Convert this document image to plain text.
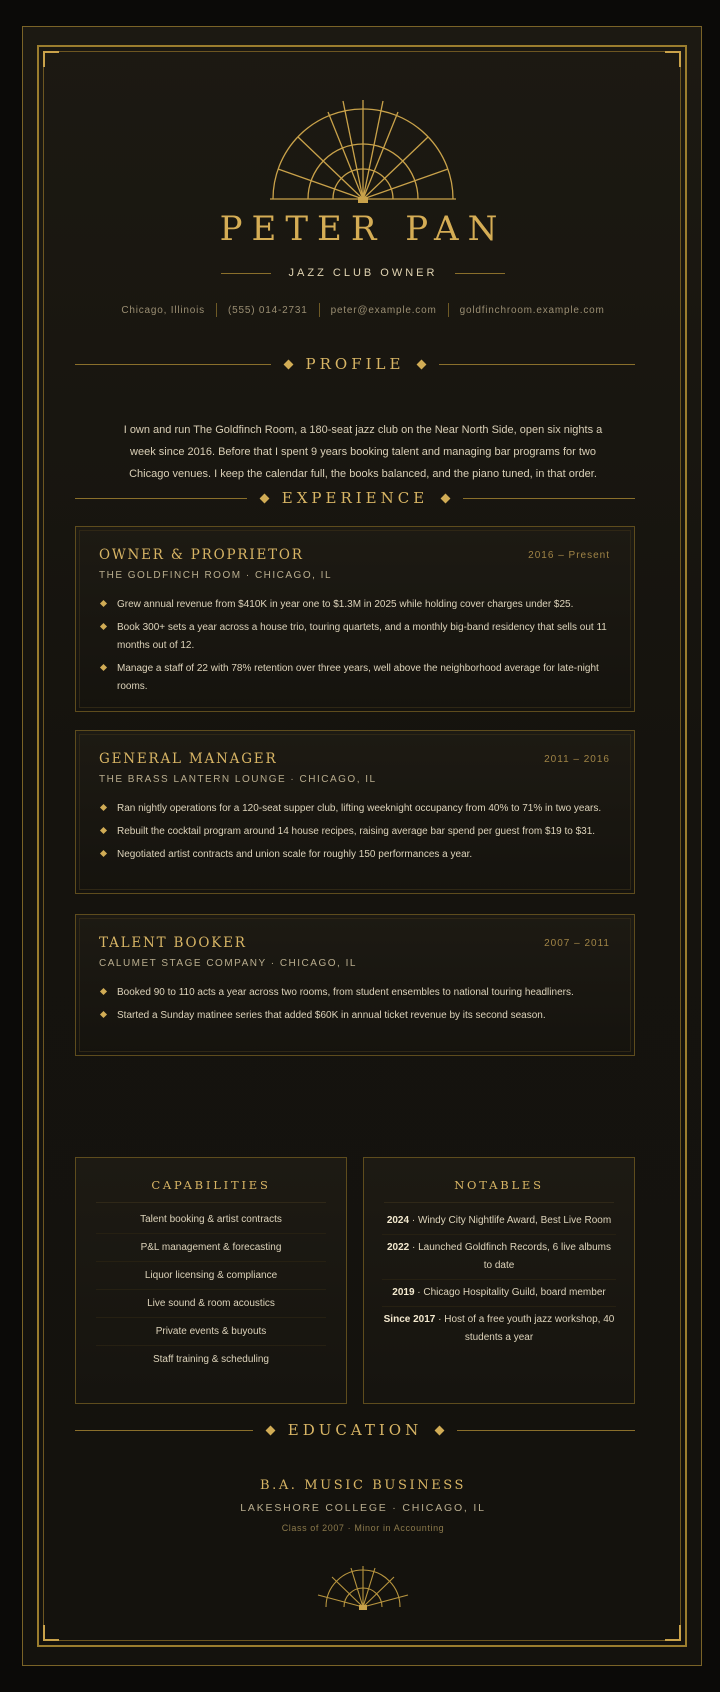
PETER PAN
JAZZ CLUB OWNER
Chicago, Illinois (555) 014-2731 peter@example.com goldfinchroom.example.com
PROFILE

I own and run The Goldfinch Room, a 180-seat jazz club on the Near North Side, open six nights a week since 2016. Before that I spent 9 years booking talent and managing bar programs for two Chicago venues. I keep the calendar full, the books balanced, and the piano tuned, in that order.

EXPERIENCE
OWNER & PROPRIETOR	2016 – Present
THE GOLDFINCH ROOM · CHICAGO, IL
Grew annual revenue from $410K in year one to $1.3M in 2025 while holding cover charges under $25.
Book 300+ sets a year across a house trio, touring quartets, and a monthly big-band residency that sells out 11 months out of 12.
Manage a staff of 22 with 78% retention over three years, well above the neighborhood average for late-night rooms.
GENERAL MANAGER	2011 – 2016
THE BRASS LANTERN LOUNGE · CHICAGO, IL
Ran nightly operations for a 120-seat supper club, lifting weeknight occupancy from 40% to 71% in two years.
Rebuilt the cocktail program around 14 house recipes, raising average bar spend per guest from $19 to $31.
Negotiated artist contracts and union scale for roughly 150 performances a year.
TALENT BOOKER	2007 – 2011
CALUMET STAGE COMPANY · CHICAGO, IL
Booked 90 to 110 acts a year across two rooms, from student ensembles to national touring headliners.
Started a Sunday matinee series that added $60K in annual ticket revenue by its second season.
CAPABILITIES
Talent booking & artist contracts
P&L management & forecasting
Liquor licensing & compliance
Live sound & room acoustics
Private events & buyouts
Staff training & scheduling
NOTABLES
2024 · Windy City Nightlife Award, Best Live Room
2022 · Launched Goldfinch Records, 6 live albums to date
2019 · Chicago Hospitality Guild, board member
Since 2017 · Host of a free youth jazz workshop, 40 students a year
EDUCATION
B.A. MUSIC BUSINESS
LAKESHORE COLLEGE · CHICAGO, IL
Class of 2007 · Minor in Accounting
